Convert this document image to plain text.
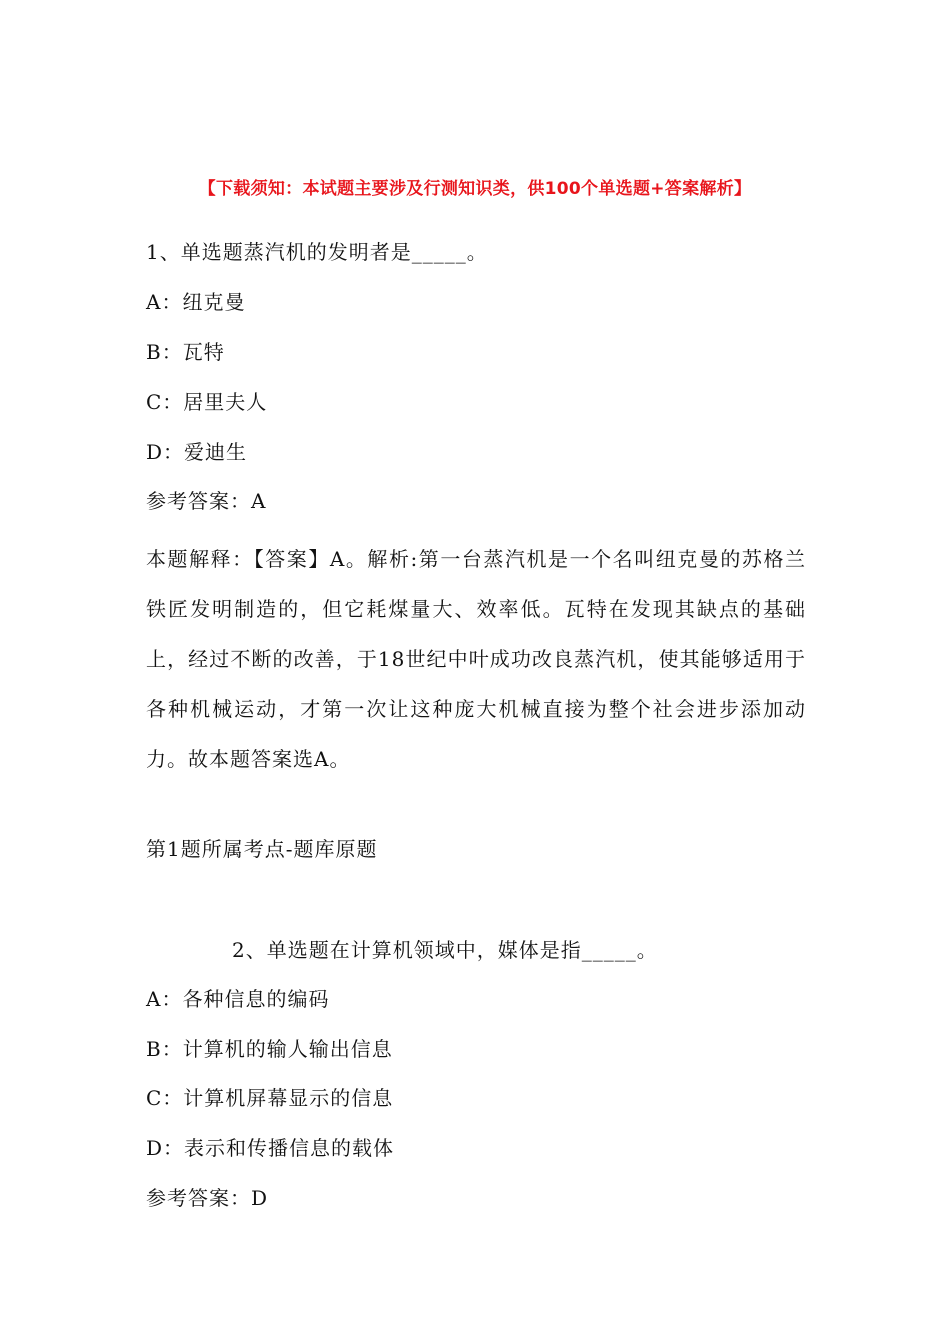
【下载须知：本试题主要涉及行测知识类，供100个单选题+答案解析】
1、单选题蒸汽机的发明者是_____。
A：纽克曼
B：瓦特
C：居里夫人
D：爱迪生
参考答案：A
本题解释：【答案】A。解析:第一台蒸汽机是一个名叫纽克曼的苏格兰铁匠发明制造的，但它耗煤量大、效率低。瓦特在发现其缺点的基础上，经过不断的改善，于18世纪中叶成功改良蒸汽机，使其能够适用于各种机械运动，才第一次让这种庞大机械直接为整个社会进步添加动力。故本题答案选A。
第1题所属考点-题库原题
2、单选题在计算机领域中，媒体是指_____。
A：各种信息的编码
B：计算机的输人输出信息
C：计算机屏幕显示的信息
D：表示和传播信息的载体
参考答案：D
